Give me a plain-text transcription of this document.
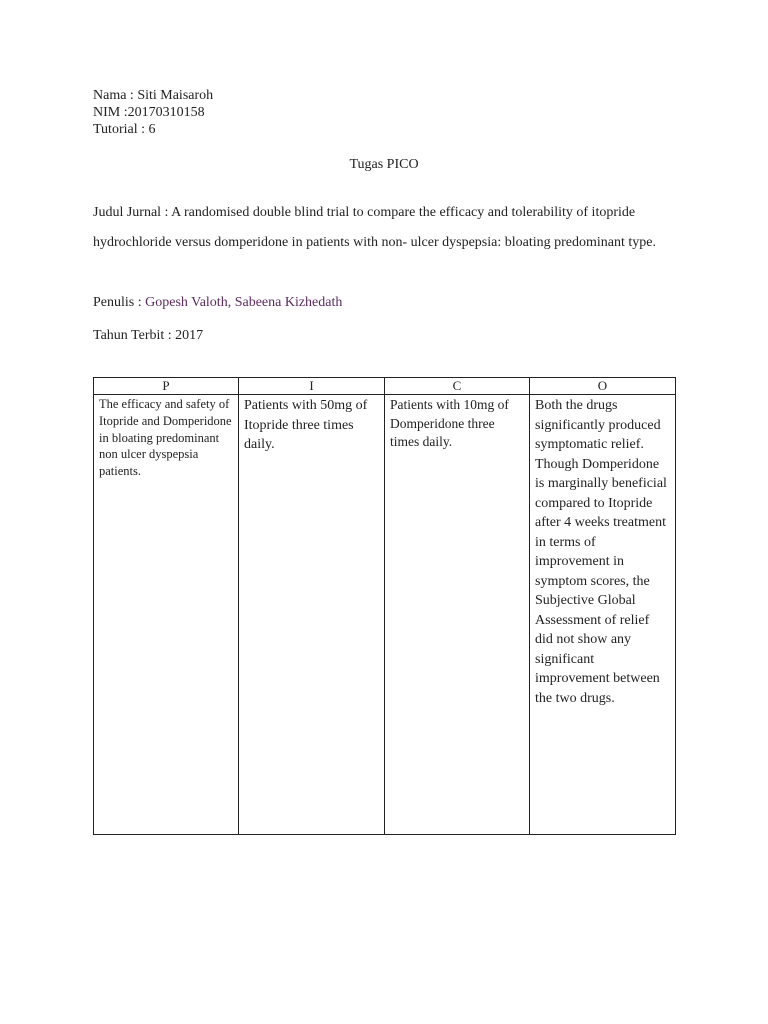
Nama : Siti Maisaroh
NIM :20170310158
Tutorial : 6
Tugas PICO
Judul Jurnal : A randomised double blind trial to compare the efficacy and tolerability of itopride hydrochloride versus domperidone in patients with non- ulcer dyspepsia: bloating predominant type.
Penulis : Gopesh Valoth, Sabeena Kizhedath
Tahun Terbit : 2017
P	I	C	O
The efficacy and safety of Itopride and Domperidone in bloating predominant non ulcer dyspepsia patients.	Patients with 50mg of Itopride three times daily.	Patients with 10mg of Domperidone three times daily.	Both the drugs significantly produced symptomatic relief. Though Domperidone is marginally beneficial compared to Itopride after 4 weeks treatment in terms of improvement in symptom scores, the Subjective Global Assessment of relief did not show any significant improvement between the two drugs.
